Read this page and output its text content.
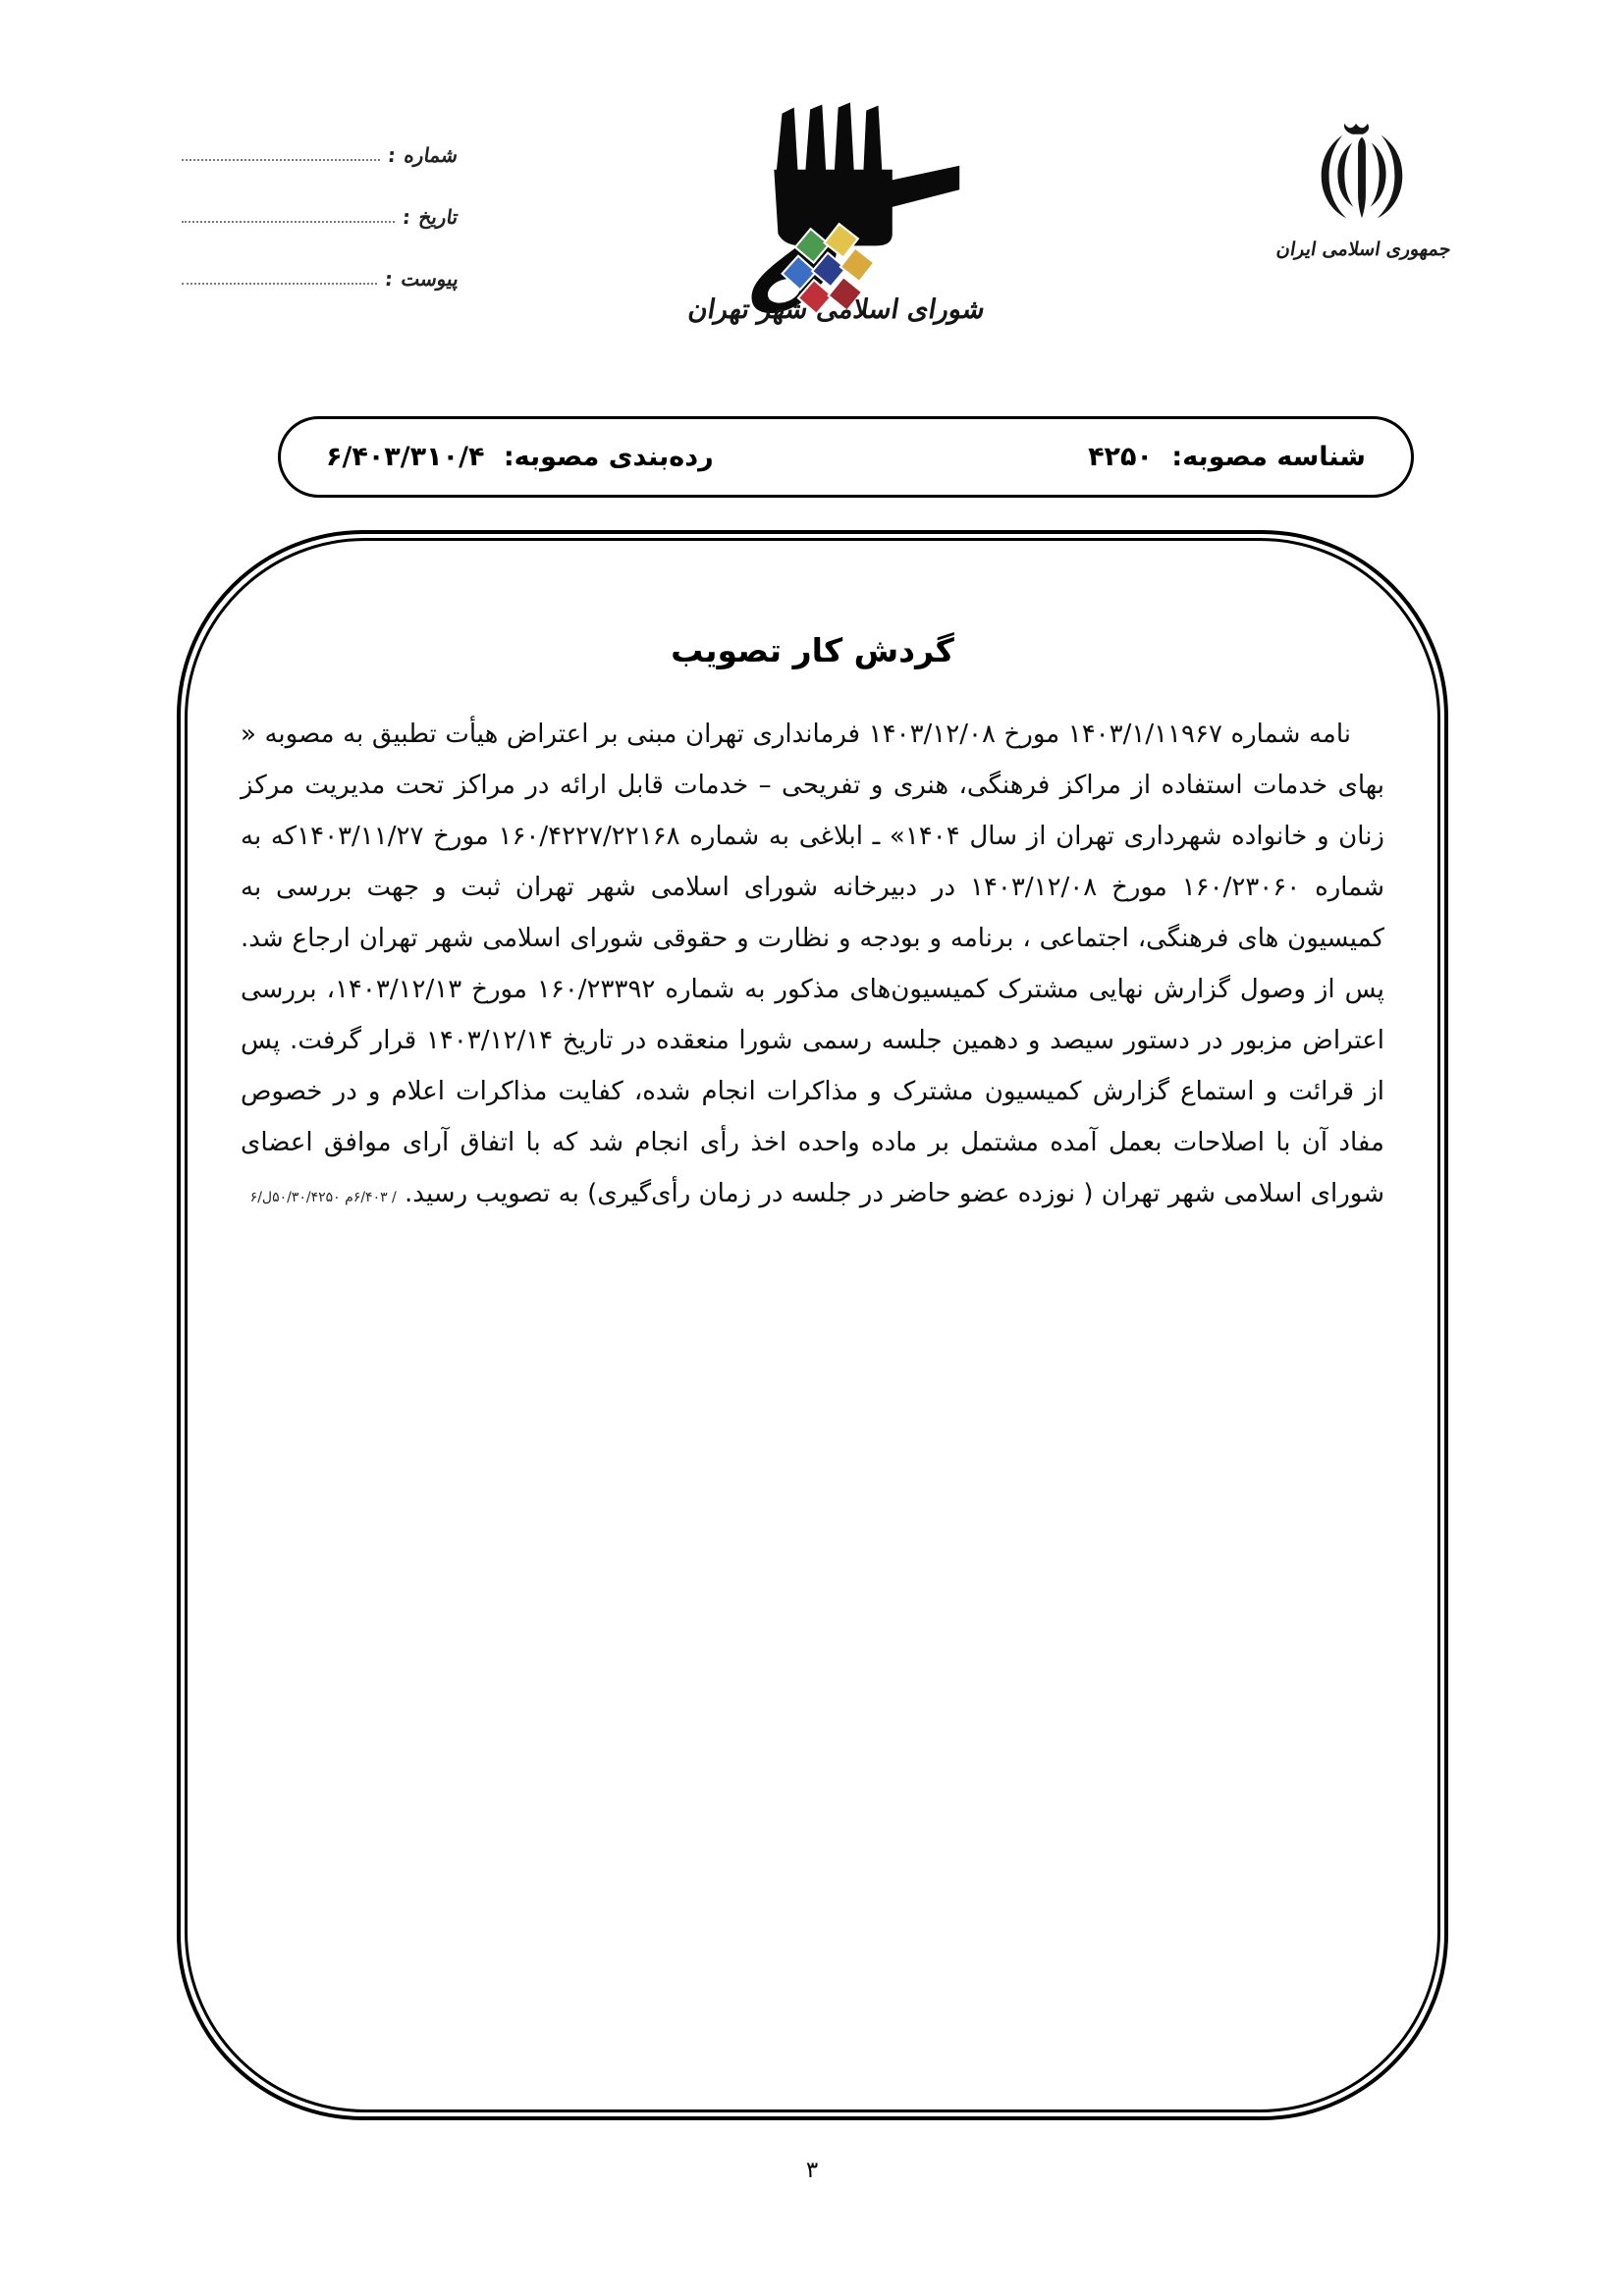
شماره :
تاریخ :
پیوست :
شورای اسلامی شهر تهران
جمهوری اسلامی ایران
شناسه مصوبه: ۴۲۵۰
رده‌بندی مصوبه: ۶/۴۰۳/۳۱۰/۴
گردش کار تصویب

نامه شماره ۱۴۰۳/۱/۱۱۹۶۷ مورخ ۱۴۰۳/۱۲/۰۸ فرمانداری تهران مبنی بر اعتراض هیأت تطبیق به مصوبه « بهای خدمات استفاده از مراکز فرهنگی، هنری و تفریحی – خدمات قابل ارائه در مراکز تحت مدیریت مرکز زنان و خانواده شهرداری تهران از سال ۱۴۰۴» ـ ابلاغی به شماره ۱۶۰/۴۲۲۷/۲۲۱۶۸ مورخ ۱۴۰۳/۱۱/۲۷که به شماره ۱۶۰/۲۳۰۶۰ مورخ ۱۴۰۳/۱۲/۰۸ در دبیرخانه شورای اسلامی شهر تهران ثبت و جهت بررسی به کمیسیون های فرهنگی، اجتماعی ، برنامه و بودجه و نظارت و حقوقی شورای اسلامی شهر تهران ارجاع شد. پس از وصول گزارش نهایی مشترک کمیسیون‌های مذکور به شماره ۱۶۰/۲۳۳۹۲ مورخ ۱۴۰۳/۱۲/۱۳، بررسی اعتراض مزبور در دستور سیصد و دهمین جلسه رسمی شورا منعقده در تاریخ ۱۴۰۳/۱۲/۱۴ قرار گرفت. پس از قرائت و استماع گزارش کمیسیون مشترک و مذاکرات انجام شده، کفایت مذاکرات اعلام و در خصوص مفاد آن با اصلاحات بعمل آمده مشتمل بر ماده واحده اخذ رأی انجام شد که با اتفاق آرای موافق اعضای شورای اسلامی شهر تهران ( نوزده عضو حاضر در جلسه در زمان رأی‌گیری) به تصویب رسید. / ۶/۴۰۳م ۵۰/۳۰/۴۲۵۰ل/۶

۳
